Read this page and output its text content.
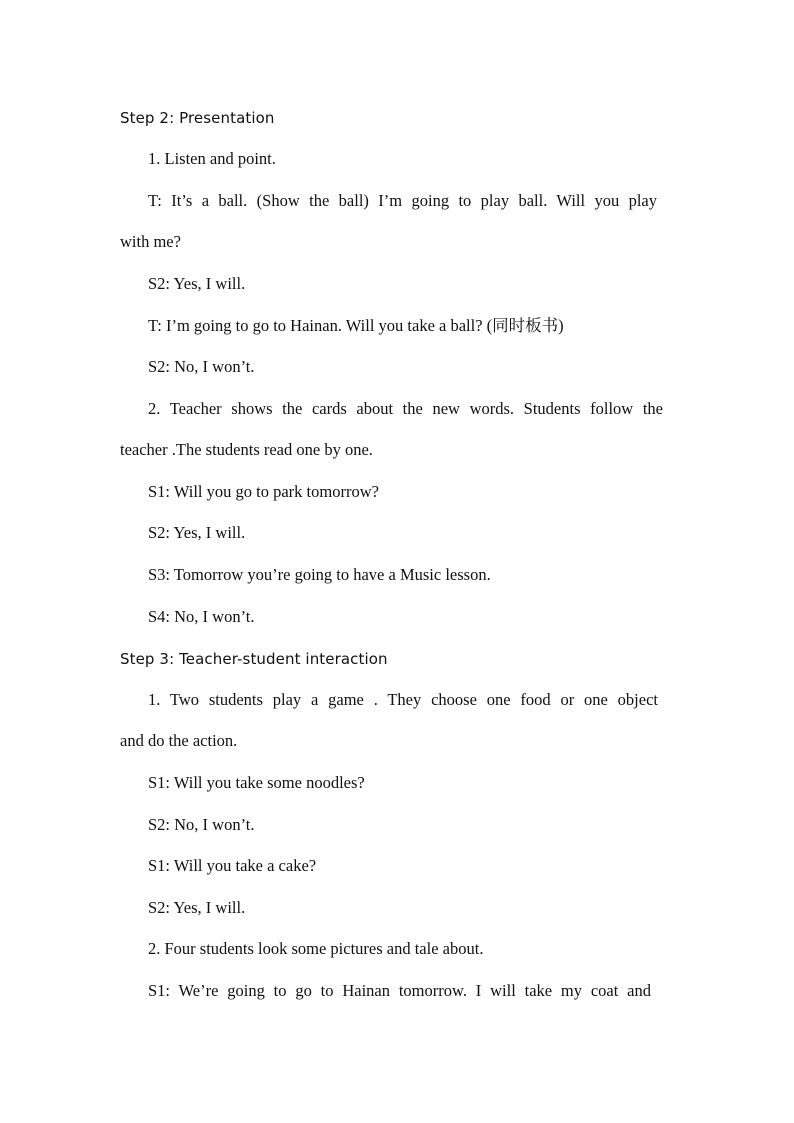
Step 2: Presentation
1. Listen and point.
T: It’s a ball. (Show the ball) I’m going to play ball. Will you play
with me?
S2: Yes, I will.
T: I’m going to go to Hainan. Will you take a ball? (同时板书)
S2: No, I won’t.
2. Teacher shows the cards about the new words. Students follow the
teacher .The students read one by one.
S1: Will you go to park tomorrow?
S2: Yes, I will.
S3: Tomorrow you’re going to have a Music lesson.
S4: No, I won’t.
Step 3: Teacher-student interaction
1. Two students play a game . They choose one food or one object
and do the action.
S1: Will you take some noodles?
S2: No, I won’t.
S1: Will you take a cake?
S2: Yes, I will.
2. Four students look some pictures and tale about.
S1: We’re going to go to Hainan tomorrow. I will take my coat and
